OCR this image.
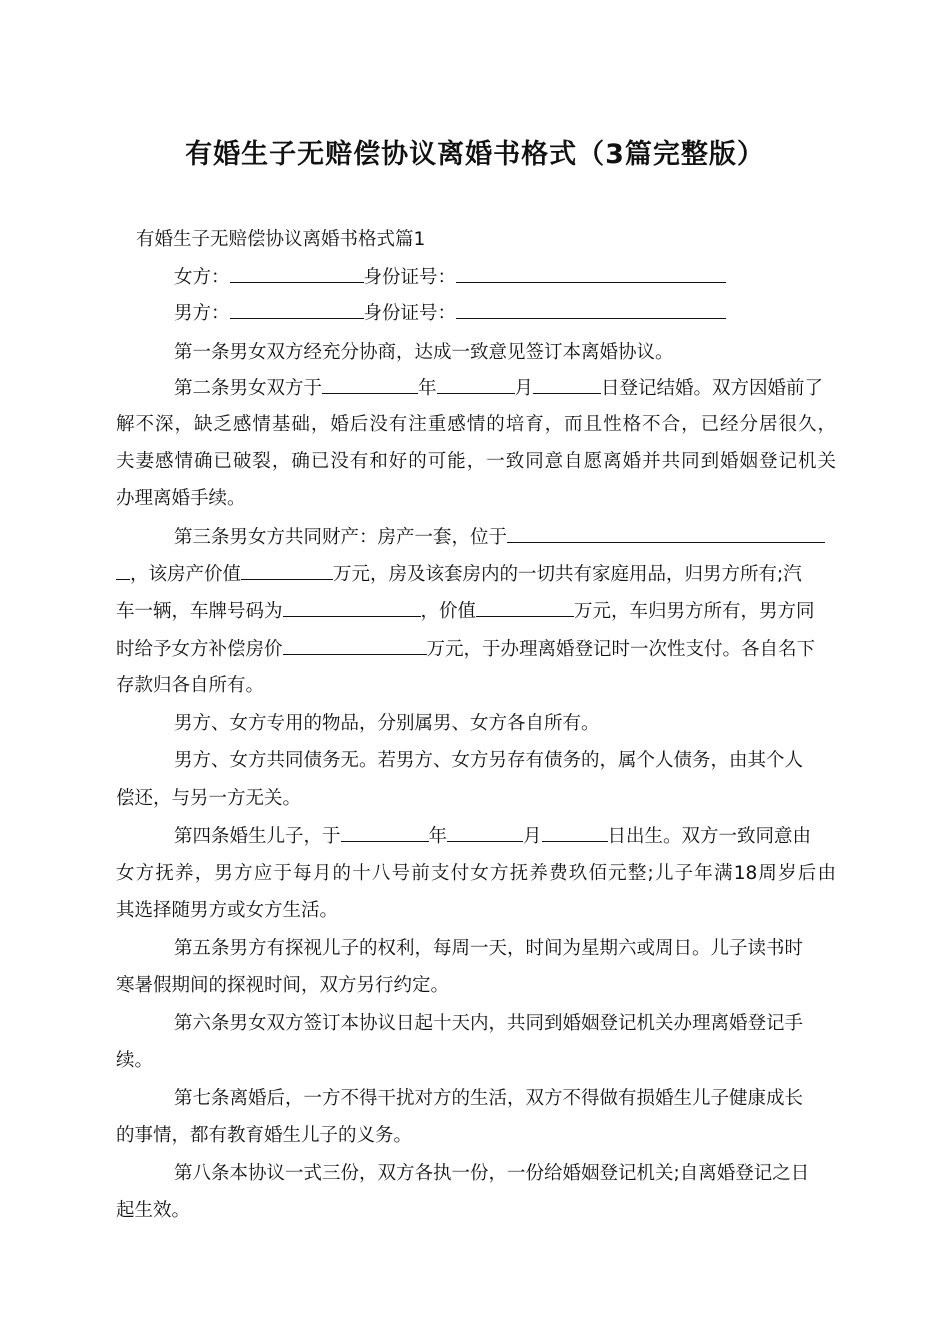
有婚生子无赔偿协议离婚书格式（3篇完整版）
有婚生子无赔偿协议离婚书格式篇1
女方：	身份证号：
男方：	身份证号：
第一条男女双方经充分协商，达成一致意见签订本离婚协议。
第二条男女双方于	年	月	日登记结婚。双方因婚前了
解不深，缺乏感情基础，婚后没有注重感情的培育，而且性格不合，已经分居很久，
夫妻感情确已破裂，确已没有和好的可能，一致同意自愿离婚并共同到婚姻登记机关
办理离婚手续。
第三条男女方共同财产：房产一套，位于
，该房产价值	万元，房及该套房内的一切共有家庭用品，归男方所有;汽
车一辆，车牌号码为	，价值	万元，车归男方所有，男方同
时给予女方补偿房价	万元，于办理离婚登记时一次性支付。各自名下
存款归各自所有。
男方、女方专用的物品，分别属男、女方各自所有。
男方、女方共同债务无。若男方、女方另存有债务的，属个人债务，由其个人
偿还，与另一方无关。
第四条婚生儿子，于	年	月	日出生。双方一致同意由
女方抚养，男方应于每月的十八号前支付女方抚养费玖佰元整;儿子年满18周岁后由
其选择随男方或女方生活。
第五条男方有探视儿子的权利，每周一天，时间为星期六或周日。儿子读书时
寒暑假期间的探视时间，双方另行约定。
第六条男女双方签订本协议日起十天内，共同到婚姻登记机关办理离婚登记手
续。
第七条离婚后，一方不得干扰对方的生活，双方不得做有损婚生儿子健康成长
的事情，都有教育婚生儿子的义务。
第八条本协议一式三份，双方各执一份，一份给婚姻登记机关;自离婚登记之日
起生效。
